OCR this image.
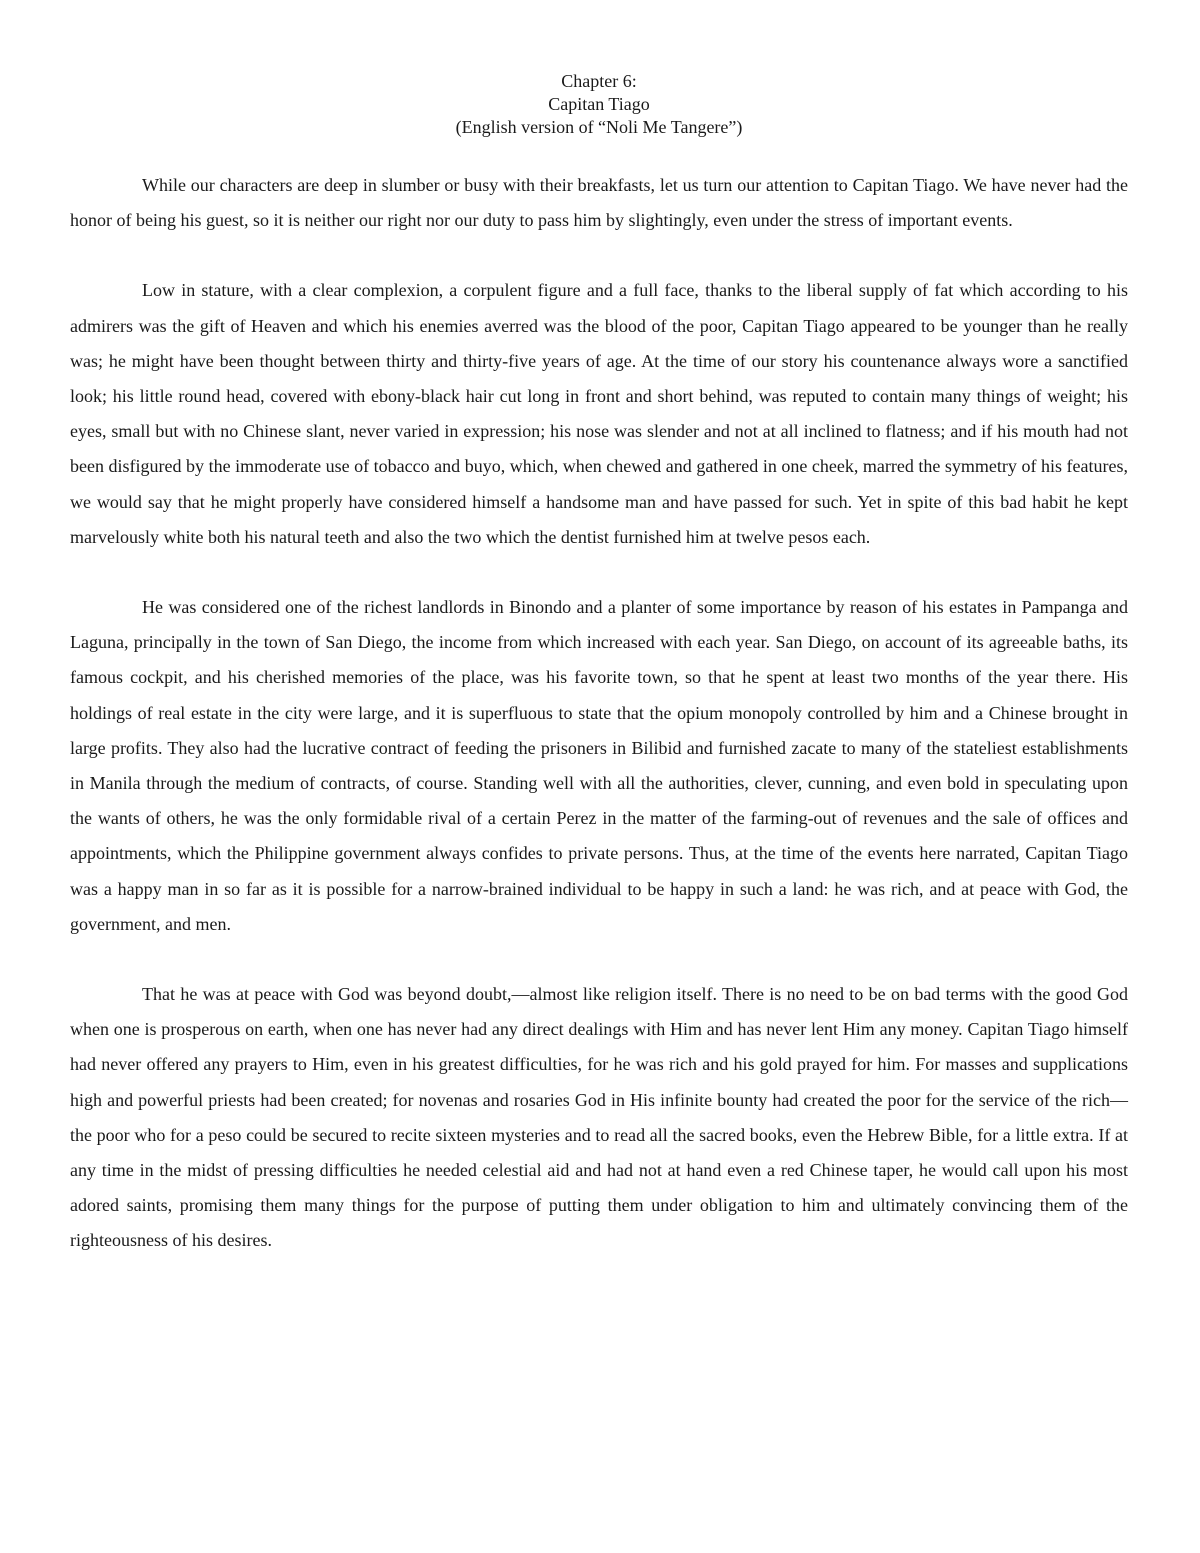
Chapter 6:
Capitan Tiago
(English version of “Noli Me Tangere”)

While our characters are deep in slumber or busy with their breakfasts, let us turn our attention to Capitan Tiago. We have never had the honor of being his guest, so it is neither our right nor our duty to pass him by slightingly, even under the stress of important events.

Low in stature, with a clear complexion, a corpulent figure and a full face, thanks to the liberal supply of fat which according to his admirers was the gift of Heaven and which his enemies averred was the blood of the poor, Capitan Tiago appeared to be younger than he really was; he might have been thought between thirty and thirty-five years of age. At the time of our story his countenance always wore a sanctified look; his little round head, covered with ebony-black hair cut long in front and short behind, was reputed to contain many things of weight; his eyes, small but with no Chinese slant, never varied in expression; his nose was slender and not at all inclined to flatness; and if his mouth had not been disfigured by the immoderate use of tobacco and buyo, which, when chewed and gathered in one cheek, marred the symmetry of his features, we would say that he might properly have considered himself a handsome man and have passed for such. Yet in spite of this bad habit he kept marvelously white both his natural teeth and also the two which the dentist furnished him at twelve pesos each.

He was considered one of the richest landlords in Binondo and a planter of some importance by reason of his estates in Pampanga and Laguna, principally in the town of San Diego, the income from which increased with each year. San Diego, on account of its agreeable baths, its famous cockpit, and his cherished memories of the place, was his favorite town, so that he spent at least two months of the year there. His holdings of real estate in the city were large, and it is superfluous to state that the opium monopoly controlled by him and a Chinese brought in large profits. They also had the lucrative contract of feeding the prisoners in Bilibid and furnished zacate to many of the stateliest establishments in Manila through the medium of contracts, of course. Standing well with all the authorities, clever, cunning, and even bold in speculating upon the wants of others, he was the only formidable rival of a certain Perez in the matter of the farming-out of revenues and the sale of offices and appointments, which the Philippine government always confides to private persons. Thus, at the time of the events here narrated, Capitan Tiago was a happy man in so far as it is possible for a narrow-brained individual to be happy in such a land: he was rich, and at peace with God, the government, and men.

That he was at peace with God was beyond doubt,—almost like religion itself. There is no need to be on bad terms with the good God when one is prosperous on earth, when one has never had any direct dealings with Him and has never lent Him any money. Capitan Tiago himself had never offered any prayers to Him, even in his greatest difficulties, for he was rich and his gold prayed for him. For masses and supplications high and powerful priests had been created; for novenas and rosaries God in His infinite bounty had created the poor for the service of the rich—the poor who for a peso could be secured to recite sixteen mysteries and to read all the sacred books, even the Hebrew Bible, for a little extra. If at any time in the midst of pressing difficulties he needed celestial aid and had not at hand even a red Chinese taper, he would call upon his most adored saints, promising them many things for the purpose of putting them under obligation to him and ultimately convincing them of the righteousness of his desires.
